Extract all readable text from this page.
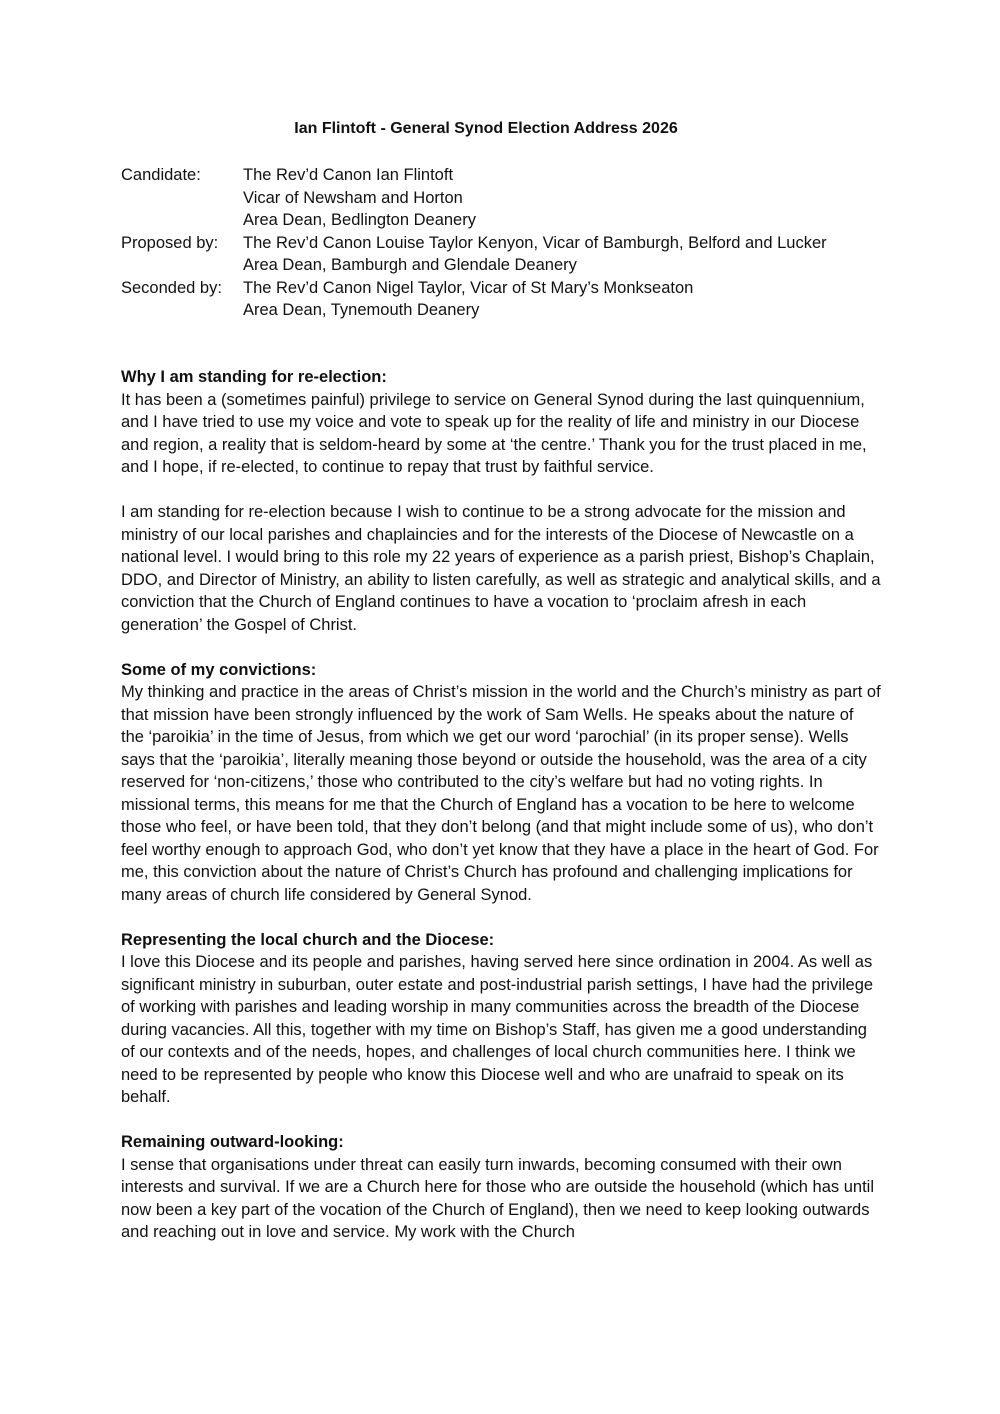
Ian Flintoft - General Synod Election Address 2026
Candidate:	The Rev’d Canon Ian Flintoft
Vicar of Newsham and Horton
Area Dean, Bedlington Deanery
Proposed by:	The Rev’d Canon Louise Taylor Kenyon, Vicar of Bamburgh, Belford and Lucker
Area Dean, Bamburgh and Glendale Deanery
Seconded by:	The Rev’d Canon Nigel Taylor, Vicar of St Mary’s Monkseaton
Area Dean, Tynemouth Deanery
Why I am standing for re-election:

It has been a (sometimes painful) privilege to service on General Synod during the last quinquennium, and I have tried to use my voice and vote to speak up for the reality of life and ministry in our Diocese and region, a reality that is seldom-heard by some at ‘the centre.’ Thank you for the trust placed in me, and I hope, if re-elected, to continue to repay that trust by faithful service.

I am standing for re-election because I wish to continue to be a strong advocate for the mission and ministry of our local parishes and chaplaincies and for the interests of the Diocese of Newcastle on a national level. I would bring to this role my 22 years of experience as a parish priest, Bishop’s Chaplain, DDO, and Director of Ministry, an ability to listen carefully, as well as strategic and analytical skills, and a conviction that the Church of England continues to have a vocation to ‘proclaim afresh in each generation’ the Gospel of Christ.

Some of my convictions:

My thinking and practice in the areas of Christ’s mission in the world and the Church’s ministry as part of that mission have been strongly influenced by the work of Sam Wells. He speaks about the nature of the ‘paroikia’ in the time of Jesus, from which we get our word ‘parochial’ (in its proper sense). Wells says that the ‘paroikia’, literally meaning those beyond or outside the household, was the area of a city reserved for ‘non-citizens,’ those who contributed to the city’s welfare but had no voting rights. In missional terms, this means for me that the Church of England has a vocation to be here to welcome those who feel, or have been told, that they don’t belong (and that might include some of us), who don’t feel worthy enough to approach God, who don’t yet know that they have a place in the heart of God. For me, this conviction about the nature of Christ’s Church has profound and challenging implications for many areas of church life considered by General Synod.

Representing the local church and the Diocese:

I love this Diocese and its people and parishes, having served here since ordination in 2004. As well as significant ministry in suburban, outer estate and post-industrial parish settings, I have had the privilege of working with parishes and leading worship in many communities across the breadth of the Diocese during vacancies. All this, together with my time on Bishop’s Staff, has given me a good understanding of our contexts and of the needs, hopes, and challenges of local church communities here. I think we need to be represented by people who know this Diocese well and who are unafraid to speak on its behalf.

Remaining outward-looking:

I sense that organisations under threat can easily turn inwards, becoming consumed with their own interests and survival. If we are a Church here for those who are outside the household (which has until now been a key part of the vocation of the Church of England), then we need to keep looking outwards and reaching out in love and service. My work with the Church
